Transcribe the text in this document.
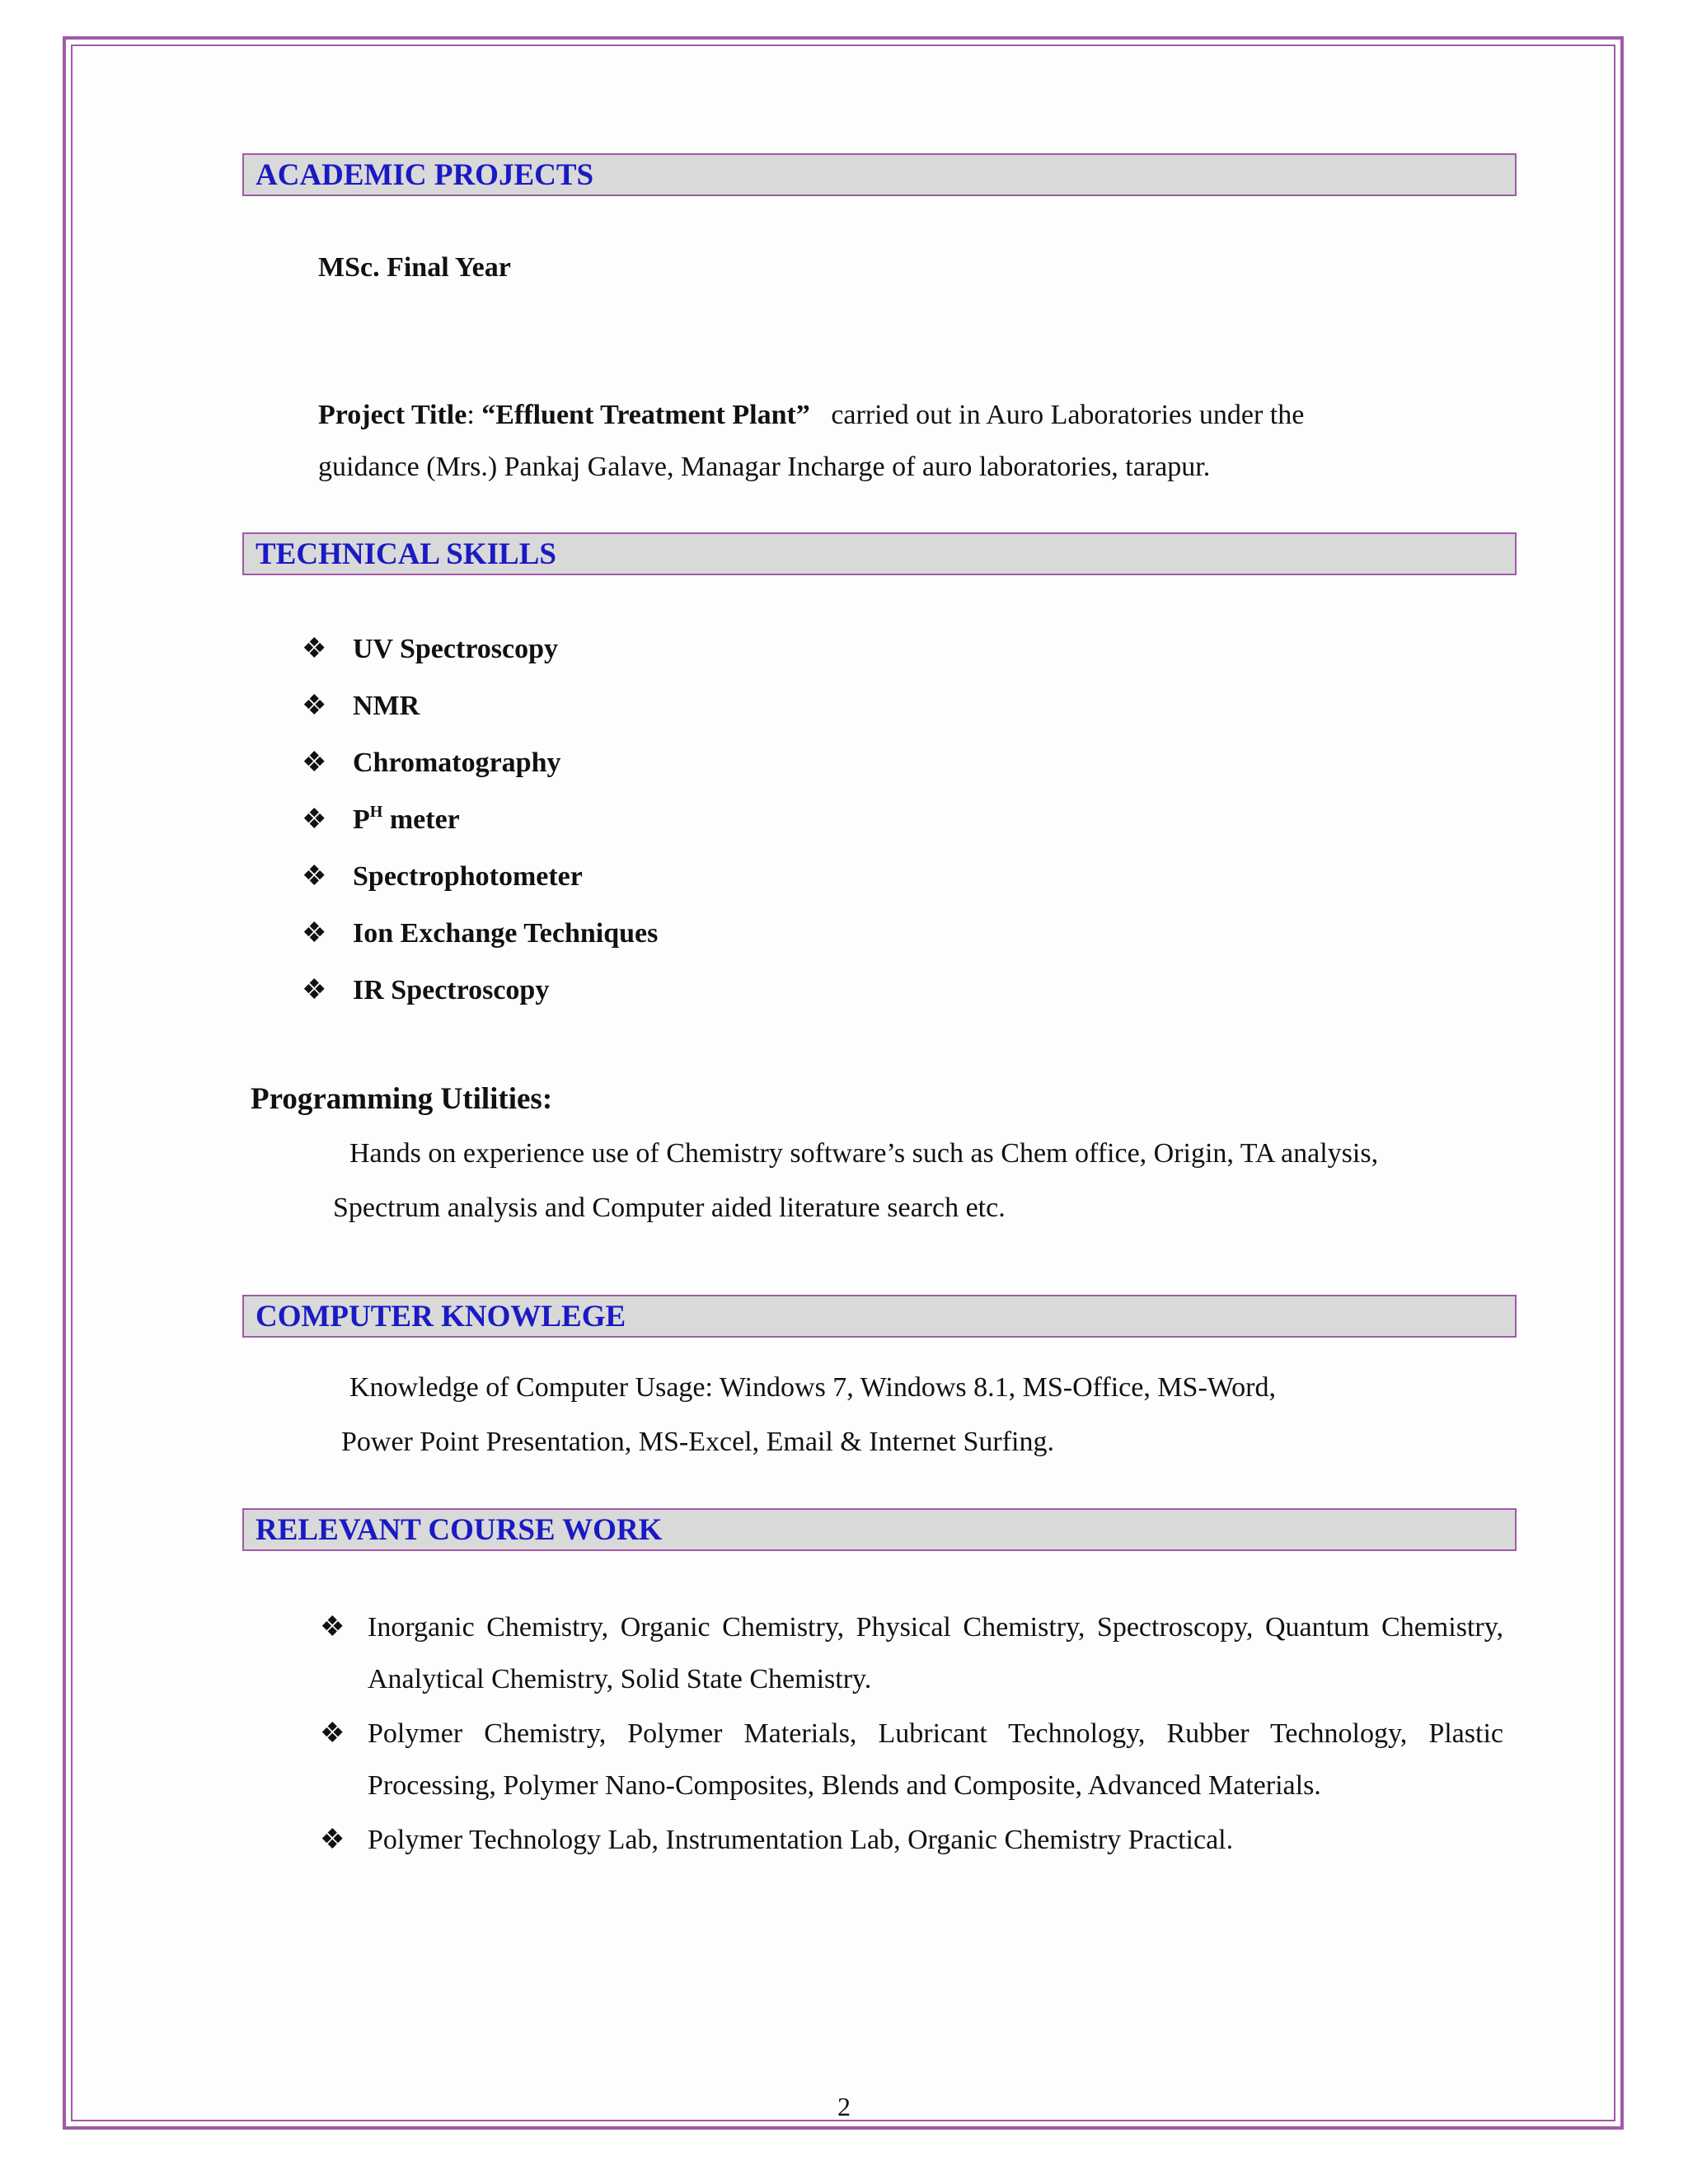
ACADEMIC PROJECTS
MSc. Final Year
Project Title: “Effluent Treatment Plant” carried out in Auro Laboratories under the
guidance (Mrs.) Pankaj Galave, Managar Incharge of auro laboratories, tarapur.
TECHNICAL SKILLS
❖ UV Spectroscopy
❖ NMR
❖ Chromatography
❖ $P^H$ meter
❖ Spectrophotometer
❖ Ion Exchange Techniques
❖ IR Spectroscopy
Programming Utilities:
Hands on experience use of Chemistry software’s such as Chem office, Origin, TA analysis,
Spectrum analysis and Computer aided literature search etc.
COMPUTER KNOWLEGE
Knowledge of Computer Usage: Windows 7, Windows 8.1, MS-Office, MS-Word,
Power Point Presentation, MS-Excel, Email & Internet Surfing.
RELEVANT COURSE WORK
❖ Inorganic Chemistry, Organic Chemistry, Physical Chemistry, Spectroscopy, Quantum Chemistry, Analytical Chemistry, Solid State Chemistry.
❖ Polymer Chemistry, Polymer Materials, Lubricant Technology, Rubber Technology, Plastic Processing, Polymer Nano-Composites, Blends and Composite, Advanced Materials.
❖ Polymer Technology Lab, Instrumentation Lab, Organic Chemistry Practical.
2
